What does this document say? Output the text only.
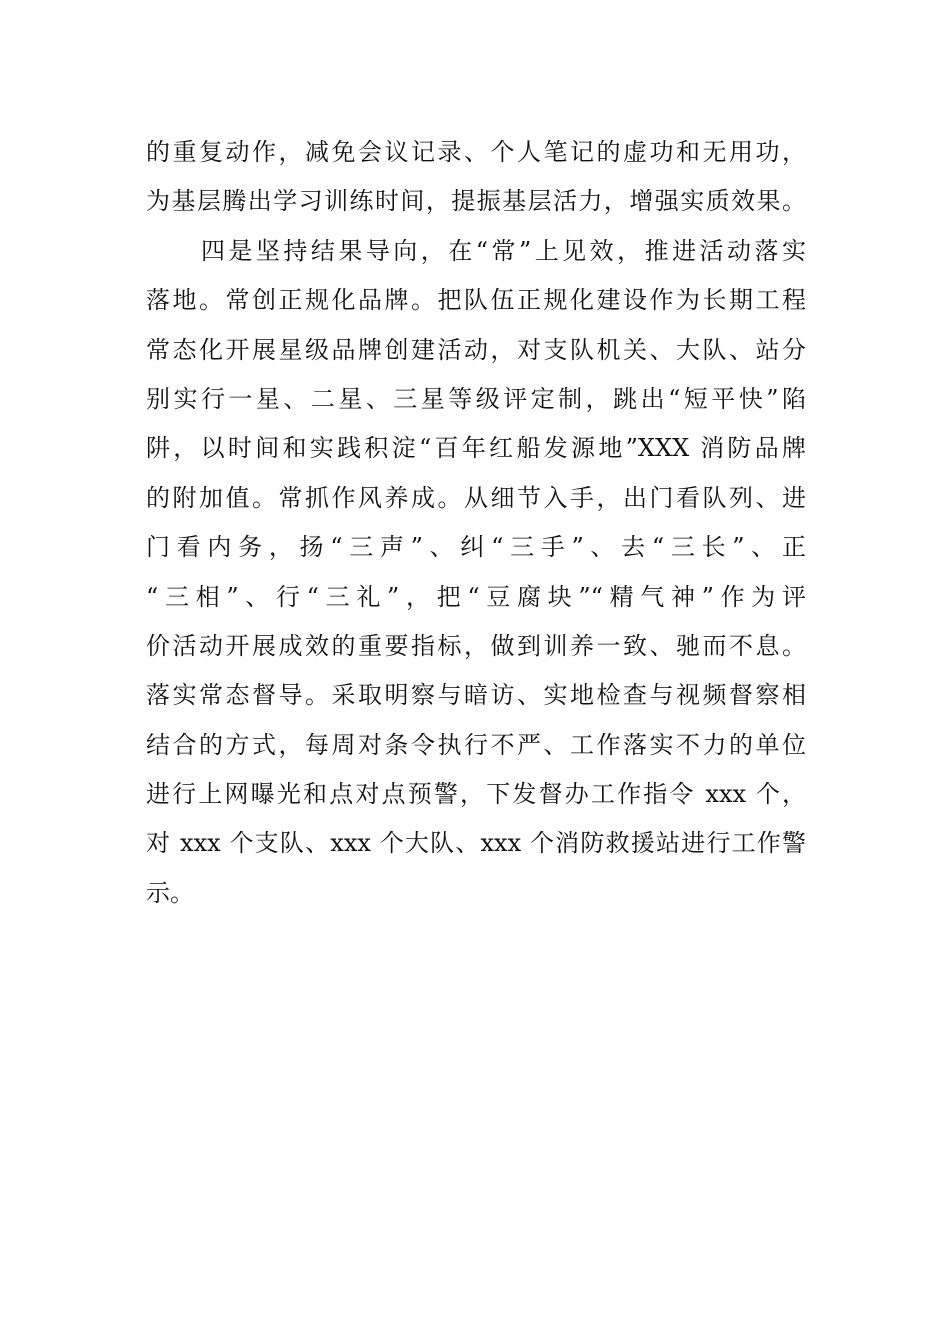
的重复动作，减免会议记录、个人笔记的虚功和无用功，
为基层腾出学习训练时间，提振基层活力，增强实质效果。
　　四是坚持结果导向，在“常”上见效，推进活动落实
落地。常创正规化品牌。把队伍正规化建设作为长期工程
常态化开展星级品牌创建活动，对支队机关、大队、站分
别实行一星、二星、三星等级评定制，跳出“短平快”陷
阱，以时间和实践积淀“百年红船发源地”XXX 消防品牌
的附加值。常抓作风养成。从细节入手，出门看队列、进
门看内务，扬“三声”、纠“三手”、去“三长”、正
“三相”、行“三礼”，把“豆腐块”“精气神”作为评
价活动开展成效的重要指标，做到训养一致、驰而不息。
落实常态督导。采取明察与暗访、实地检查与视频督察相
结合的方式，每周对条令执行不严、工作落实不力的单位
进行上网曝光和点对点预警，下发督办工作指令 xxx 个，
对 xxx 个支队、xxx 个大队、xxx 个消防救援站进行工作警
示。
